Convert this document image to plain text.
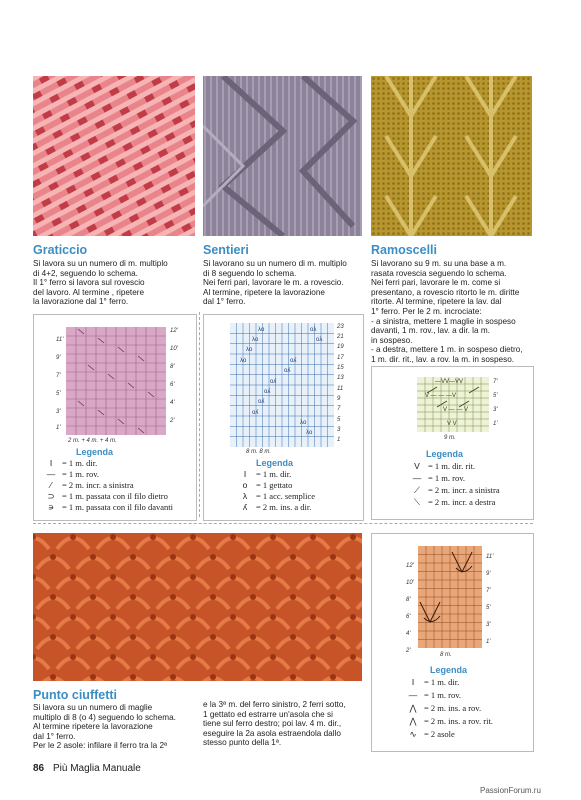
Graticcio
Si lavora su un numero di m. multiplo
di 4+2, seguendo lo schema.
Il 1° ferro si lavora sul rovescio
del lavoro. Al termine , ripetere
la lavorazione dal 1° ferro.
Sentieri
Si lavorano su un numero di m. multiplo
di 8 seguendo lo schema.
Nei ferri pari, lavorare le m. a rovescio.
Al termine, ripetere la lavorazione
dal 1° ferro.
Ramoscelli
Si lavorano su 9 m. su una base a m.
rasata rovescia seguendo lo schema.
Nei ferri pari, lavorare le m. come si
presentano, a rovescio ritorto le m. diritte
ritorte. Al termine, ripetere la lav. dal
1° ferro. Per le 2 m. incrociate:
- a sinistra, mettere 1 maglie in sospeso
davanti, 1 m. rov., lav. a dir. la m.
in sospeso.
- a destra, mettere 1 m. in sospeso dietro,
1 m. dir. rit., lav. a rov. la m. in sospeso.
Punto ciuffetti
Si lavora su un numero di maglie
multiplo di 8 (o 4) seguendo lo schema.
Al termine ripetere la lavorazione
dal 1° ferro.
Per le 2 asole: infilare il ferro tra la 2ª
e la 3ª m. del ferro sinistro, 2 ferri sotto,
1 gettato ed estrarre un'asola che si
tiene sul ferro destro; poi lav. 4 m. dir.,
eseguire la 2a asola estraendola dallo
stesso punto della 1ª.
11'
9'
7'
5'
3'
1'
12'
10'
8'
6'
4'
2'
2 m. + 4 m. + 4 m.
Legenda
I = 1 m. dir.
— = 1 m. rov.
⁄ = 2 m. incr. a sinistra
⊃ = 1 m. passata con il filo dietro
∍ = 1 m. passata con il filo davanti
λo	oλ
λo	oλ
λo
oʎ
λo
oʎ
oʎ
oʎ
oʎ
oʎ
λo
λo
23
21
19
17
15
13
11
9
7
5
3
1
8 m. 8 m.
Legenda
I = 1 m. dir.
o = 1 gettato
λ = 1 acc. semplice
ʎ = 2 m. ins. a dir.
—VV—VV
V — — —V
V — — V
V V
7'
5'
3'
1'
9 m.
Legenda
V = 1 m. dir. rit.
— = 1 m. rov.
⟋ = 2 m. incr. a sinistra
⟍ = 2 m. incr. a destra
12'
10'
8'
6'
4'
2'
11'
9'
7'
5'
3'
1'
8 m.
Legenda
I = 1 m. dir.
— = 1 m. rov.
⋀ = 2 m. ins. a rov.
⋀ = 2 m. ins. a rov. rit.
∿ = 2 asole
86 Più Maglia Manuale
PassionForum.ru
